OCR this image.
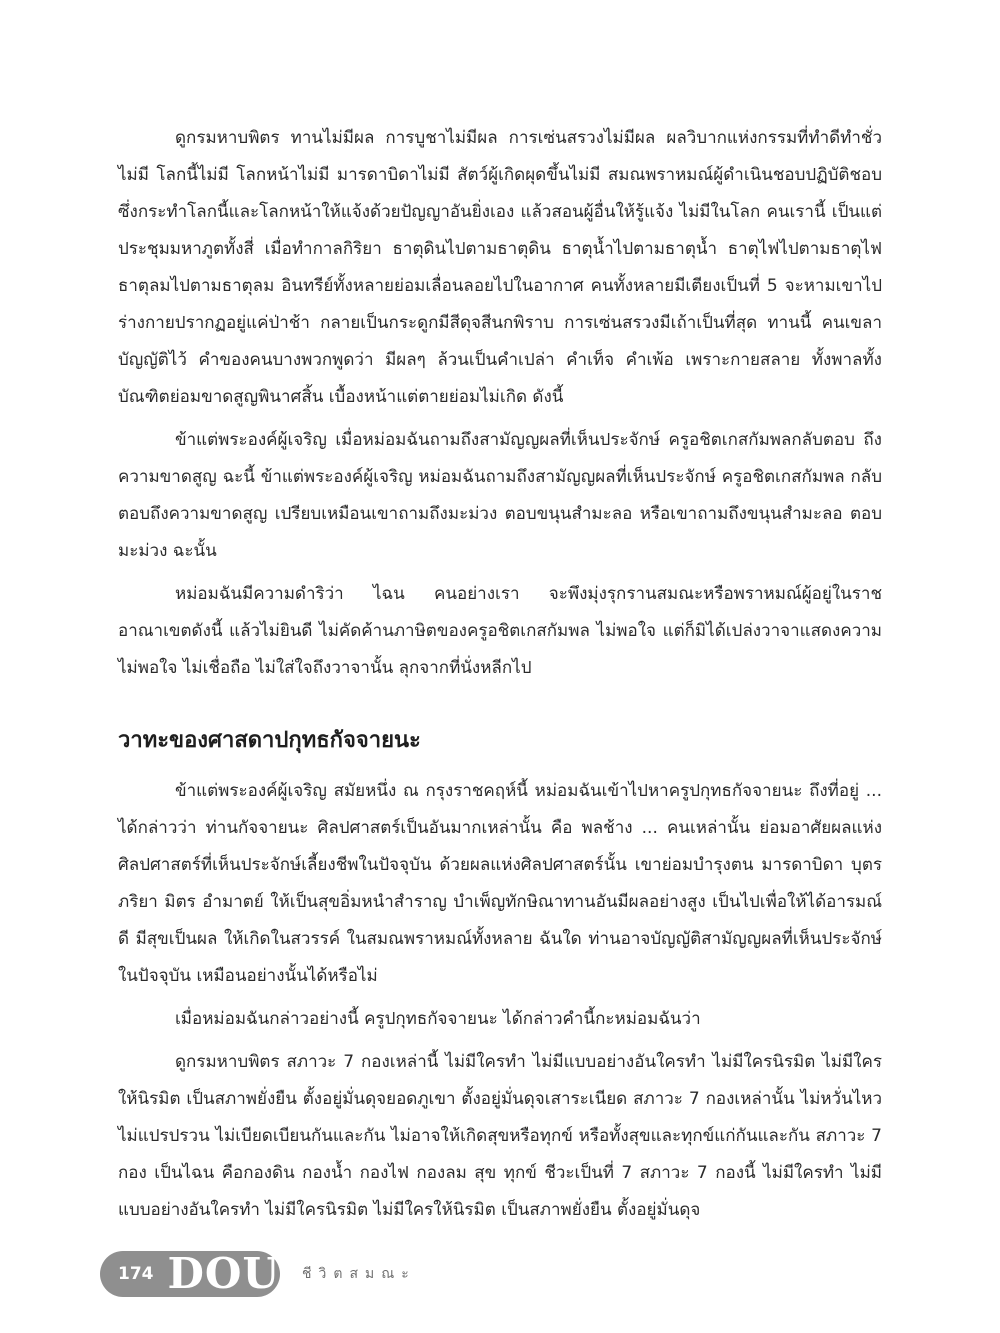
ดูกรมหาบพิตร ทานไม่มีผล การบูชาไม่มีผล การเซ่นสรวงไม่มีผล ผลวิบากแห่งกรรมที่ทำดีทำชั่วไม่มี โลกนี้ไม่มี โลกหน้าไม่มี มารดาบิดาไม่มี สัตว์ผู้เกิดผุดขึ้นไม่มี สมณพราหมณ์ผู้ดำเนินชอบปฏิบัติชอบ ซึ่งกระทำโลกนี้และโลกหน้าให้แจ้งด้วยปัญญาอันยิ่งเอง แล้วสอนผู้อื่นให้รู้แจ้ง ไม่มีในโลก คนเรานี้ เป็นแต่ประชุมมหาภูตทั้งสี่ เมื่อทำกาลกิริยา ธาตุดินไปตามธาตุดิน ธาตุน้ำไปตามธาตุน้ำ ธาตุไฟไปตามธาตุไฟ ธาตุลมไปตามธาตุลม อินทรีย์ทั้งหลายย่อมเลื่อนลอยไปในอากาศ คนทั้งหลายมีเตียงเป็นที่ 5 จะหามเขาไป ร่างกายปรากฏอยู่แค่ป่าช้า กลายเป็นกระดูกมีสีดุจสีนกพิราบ การเซ่นสรวงมีเถ้าเป็นที่สุด ทานนี้ คนเขลาบัญญัติไว้ คำของคนบางพวกพูดว่า มีผลๆ ล้วนเป็นคำเปล่า คำเท็จ คำเพ้อ เพราะกายสลาย ทั้งพาลทั้งบัณฑิตย่อมขาดสูญพินาศสิ้น เบื้องหน้าแต่ตายย่อมไม่เกิด ดังนี้

ข้าแต่พระองค์ผู้เจริญ เมื่อหม่อมฉันถามถึงสามัญญผลที่เห็นประจักษ์ ครูอชิตเกสกัมพลกลับตอบ ถึงความขาดสูญ ฉะนี้ ข้าแต่พระองค์ผู้เจริญ หม่อมฉันถามถึงสามัญญผลที่เห็นประจักษ์ ครูอชิตเกสกัมพล กลับตอบถึงความขาดสูญ เปรียบเหมือนเขาถามถึงมะม่วง ตอบขนุนสำมะลอ หรือเขาถามถึงขนุนสำมะลอ ตอบมะม่วง ฉะนั้น

หม่อมฉันมีความดำริว่า ไฉน คนอย่างเรา จะพึงมุ่งรุกรานสมณะหรือพราหมณ์ผู้อยู่ในราชอาณาเขตดังนี้ แล้วไม่ยินดี ไม่คัดค้านภาษิตของครูอชิตเกสกัมพล ไม่พอใจ แต่ก็มิได้เปล่งวาจาแสดงความไม่พอใจ ไม่เชื่อถือ ไม่ใส่ใจถึงวาจานั้น ลุกจากที่นั่งหลีกไป

วาทะของศาสดาปกุทธกัจจายนะ

ข้าแต่พระองค์ผู้เจริญ สมัยหนึ่ง ณ กรุงราชคฤห์นี้ หม่อมฉันเข้าไปหาครูปกุทธกัจจายนะ ถึงที่อยู่ ... ได้กล่าวว่า ท่านกัจจายนะ ศิลปศาสตร์เป็นอันมากเหล่านั้น คือ พลช้าง ... คนเหล่านั้น ย่อมอาศัยผลแห่งศิลปศาสตร์ที่เห็นประจักษ์เลี้ยงชีพในปัจจุบัน ด้วยผลแห่งศิลปศาสตร์นั้น เขาย่อมบำรุงตน มารดาบิดา บุตร ภริยา มิตร อำมาตย์ ให้เป็นสุขอิ่มหนำสำราญ บำเพ็ญทักษิณาทานอันมีผลอย่างสูง เป็นไปเพื่อให้ได้อารมณ์ดี มีสุขเป็นผล ให้เกิดในสวรรค์ ในสมณพราหมณ์ทั้งหลาย ฉันใด ท่านอาจบัญญัติสามัญญผลที่เห็นประจักษ์ในปัจจุบัน เหมือนอย่างนั้นได้หรือไม่

เมื่อหม่อมฉันกล่าวอย่างนี้ ครูปกุทธกัจจายนะ ได้กล่าวคำนี้กะหม่อมฉันว่า

ดูกรมหาบพิตร สภาวะ 7 กองเหล่านี้ ไม่มีใครทำ ไม่มีแบบอย่างอันใครทำ ไม่มีใครนิรมิต ไม่มีใครให้นิรมิต เป็นสภาพยั่งยืน ตั้งอยู่มั่นดุจยอดภูเขา ตั้งอยู่มั่นดุจเสาระเนียด สภาวะ 7 กองเหล่านั้น ไม่หวั่นไหว ไม่แปรปรวน ไม่เบียดเบียนกันและกัน ไม่อาจให้เกิดสุขหรือทุกข์ หรือทั้งสุขและทุกข์แก่กันและกัน สภาวะ 7 กอง เป็นไฉน คือกองดิน กองน้ำ กองไฟ กองลม สุข ทุกข์ ชีวะเป็นที่ 7 สภาวะ 7 กองนี้ ไม่มีใครทำ ไม่มีแบบอย่างอันใครทำ ไม่มีใครนิรมิต ไม่มีใครให้นิรมิต เป็นสภาพยั่งยืน ตั้งอยู่มั่นดุจ

174 DOU ชีวิตสมณะ
